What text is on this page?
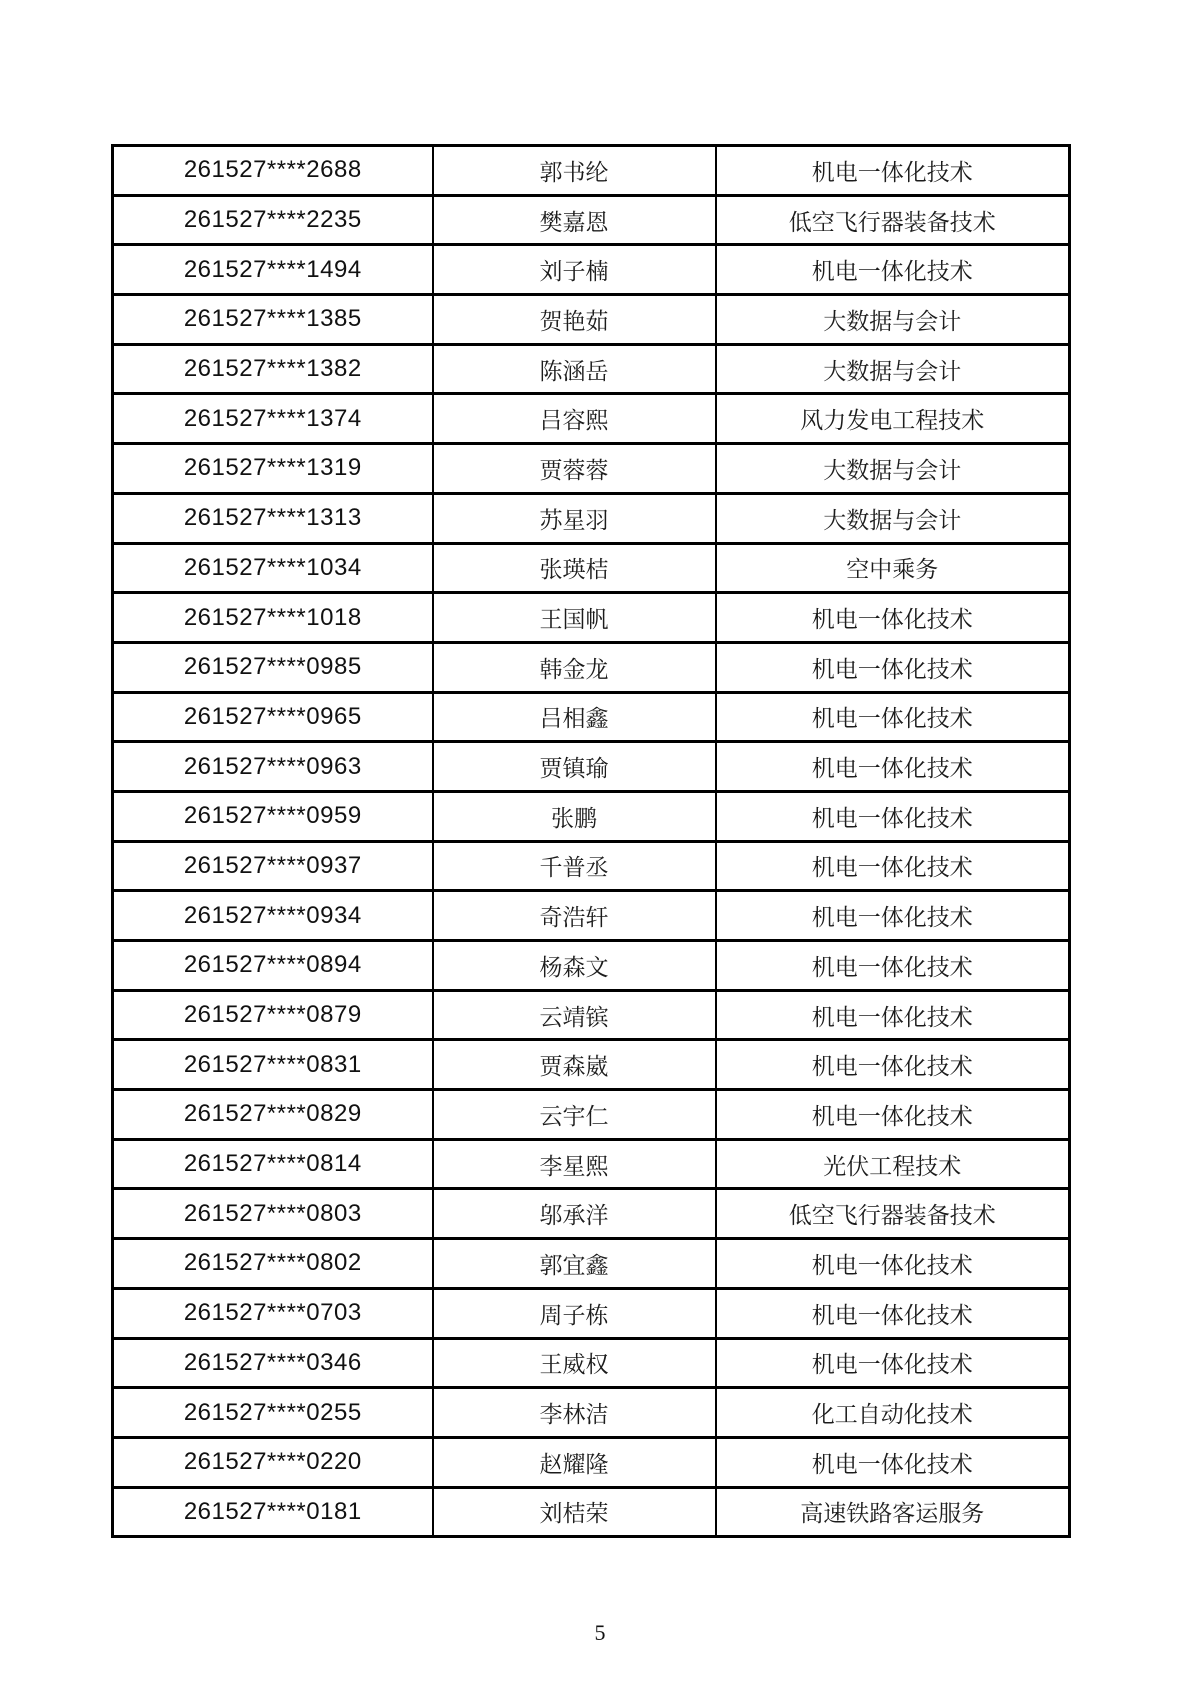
261527****2688	郭书纶	机电一体化技术
261527****2235	樊嘉恩	低空飞行器装备技术
261527****1494	刘子楠	机电一体化技术
261527****1385	贺艳茹	大数据与会计
261527****1382	陈涵岳	大数据与会计
261527****1374	吕容熙	风力发电工程技术
261527****1319	贾蓉蓉	大数据与会计
261527****1313	苏星羽	大数据与会计
261527****1034	张瑛桔	空中乘务
261527****1018	王国帆	机电一体化技术
261527****0985	韩金龙	机电一体化技术
261527****0965	吕相鑫	机电一体化技术
261527****0963	贾镇瑜	机电一体化技术
261527****0959	张鹏	机电一体化技术
261527****0937	千普丞	机电一体化技术
261527****0934	奇浩轩	机电一体化技术
261527****0894	杨森文	机电一体化技术
261527****0879	云靖镔	机电一体化技术
261527****0831	贾森崴	机电一体化技术
261527****0829	云宇仁	机电一体化技术
261527****0814	李星熙	光伏工程技术
261527****0803	邬承洋	低空飞行器装备技术
261527****0802	郭宜鑫	机电一体化技术
261527****0703	周子栋	机电一体化技术
261527****0346	王威权	机电一体化技术
261527****0255	李林洁	化工自动化技术
261527****0220	赵耀隆	机电一体化技术
261527****0181	刘桔荣	高速铁路客运服务
5
